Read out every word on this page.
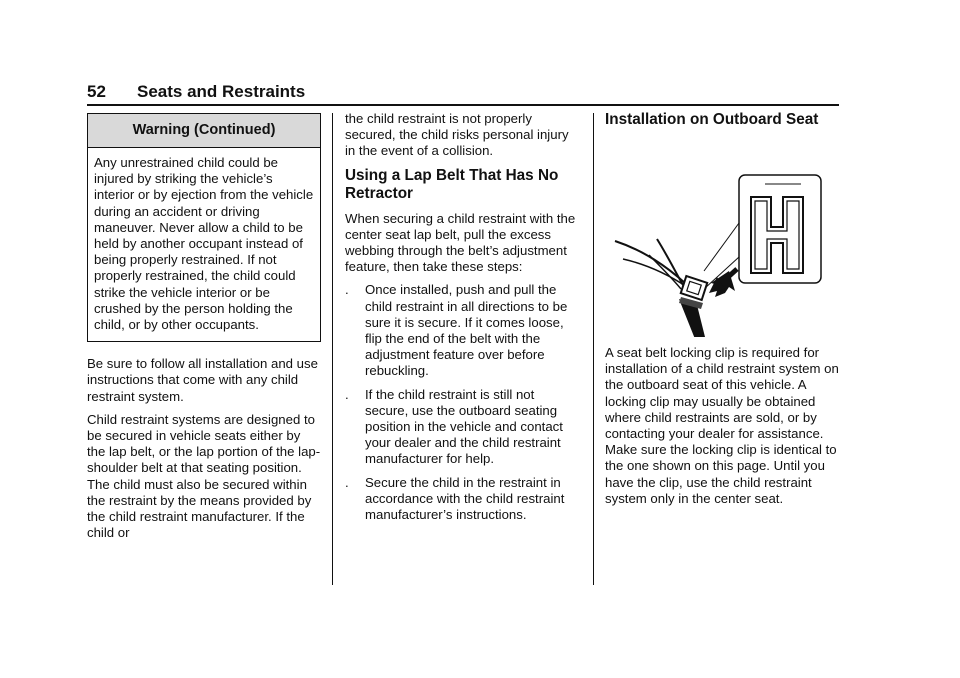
52 Seats and Restraints
Warning (Continued)
Any unrestrained child could be injured by striking the vehicle’s interior or by ejection from the vehicle during an accident or driving maneuver. Never allow a child to be held by another occupant instead of being properly restrained. If not properly restrained, the child could strike the vehicle interior or be crushed by the person holding the child, or by other occupants.

Be sure to follow all installation and use instructions that come with any child restraint system.

Child restraint systems are designed to be secured in vehicle seats either by the lap belt, or the lap portion of the lap-shoulder belt at that seating position. The child must also be secured within the restraint by the means provided by the child restraint manufacturer. If the child or

the child restraint is not properly secured, the child risks personal injury in the event of a collision.

Using a Lap Belt That Has No Retractor

When securing a child restraint with the center seat lap belt, pull the excess webbing through the belt’s adjustment feature, then take these steps:

. Once installed, push and pull the child restraint in all directions to be sure it is secure. If it comes loose, flip the end of the belt with the adjustment feature over before rebuckling.
. If the child restraint is still not secure, use the outboard seating position in the vehicle and contact your dealer and the child restraint manufacturer for help.
. Secure the child in the restraint in accordance with the child restraint manufacturer’s instructions.
Installation on Outboard Seat

A seat belt locking clip is required for installation of a child restraint system on the outboard seat of this vehicle. A locking clip may usually be obtained where child restraints are sold, or by contacting your dealer for assistance. Make sure the locking clip is identical to the one shown on this page. Until you have the clip, use the child restraint system only in the center seat.
